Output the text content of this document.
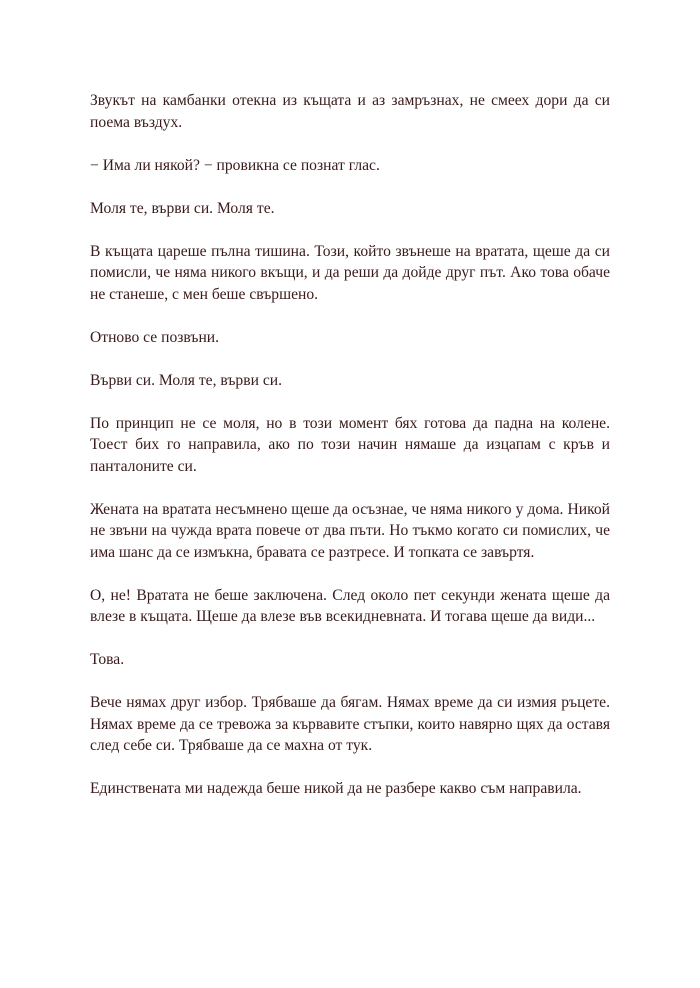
Звукът на камбанки отекна из къщата и аз замръзнах, не смеех дори да си поема въздух.

− Има ли някой? − провикна се познат глас.

Моля те, върви си. Моля те.

В къщата цареше пълна тишина. Този, който звънеше на вратата, щеше да си помисли, че няма никого вкъщи, и да реши да дойде друг път. Ако това обаче не станеше, с мен беше свършено.

Отново се позвъни.

Върви си. Моля те, върви си.

По принцип не се моля, но в този момент бях готова да падна на колене. Тоест бих го направила, ако по този начин нямаше да изцапам с кръв и панталоните си.

Жената на вратата несъмнено щеше да осъзнае, че няма никого у дома. Никой не звъни на чужда врата повече от два пъти. Но тъкмо когато си помислих, че има шанс да се измъкна, бравата се разтресе. И топката се завъртя.

О, не! Вратата не беше заключена. След около пет секунди жената щеше да влезе в къщата. Щеше да влезе във всекидневната. И тогава щеше да види...

Това.

Вече нямах друг избор. Трябваше да бягам. Нямах време да си измия ръцете. Нямах време да се тревожа за кървавите стъпки, които навярно щях да оставя след себе си. Трябваше да се махна от тук.

Единствената ми надежда беше никой да не разбере какво съм направила.
